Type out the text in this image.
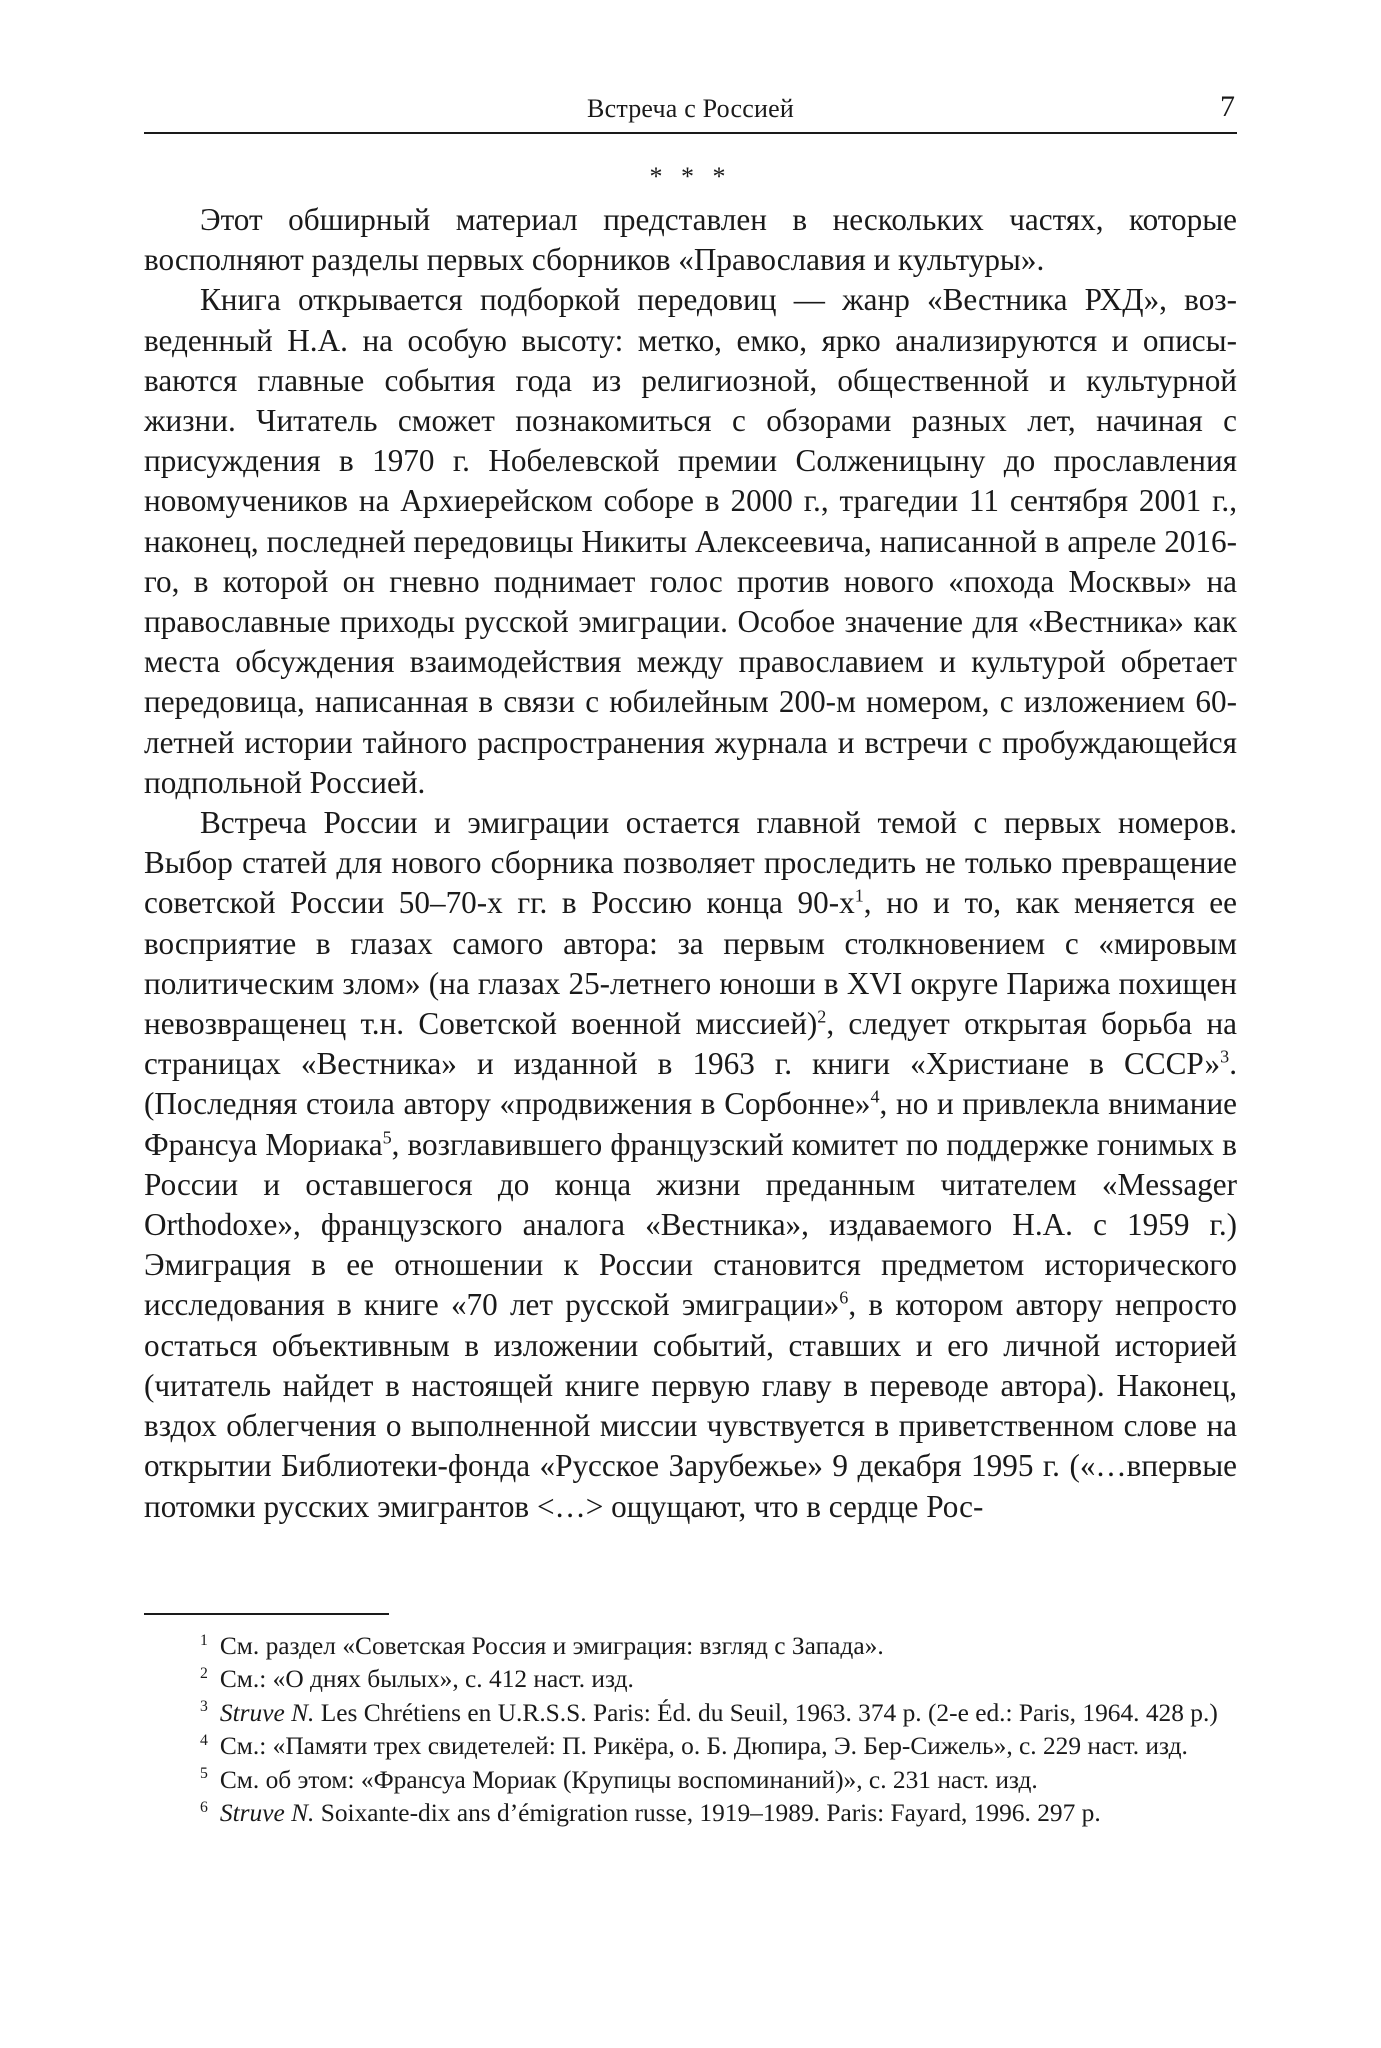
Встреча с Россией	7
* * *

Этот обширный материал представлен в нескольких частях, которые восполняют разделы первых сборников «Православия и культуры».

Книга открывается подборкой передовиц — жанр «Вестника РХД», возведенный Н.А. на особую высоту: метко, емко, ярко анализируются и описываются главные события года из религиозной, общественной и культурной жизни. Читатель сможет познакомиться с обзорами разных лет, начиная с присуждения в 1970 г. Нобелевской премии Солженицыну до прославления новомучеников на Архиерейском соборе в 2000 г., трагедии 11 сентября 2001 г., наконец, последней передовицы Никиты Алексеевича, написанной в апреле 2016-го, в которой он гневно поднимает голос против нового «похода Москвы» на православные приходы русской эмиграции. Особое значение для «Вестника» как места обсуждения взаимодействия между православием и культурой обретает передовица, написанная в связи с юбилейным 200-м номером, с изложением 60-летней истории тайного распространения журнала и встречи с пробуждающейся подпольной Россией.

Встреча России и эмиграции остается главной темой с первых номеров. Выбор статей для нового сборника позволяет проследить не только превращение советской России 50–70-х гг. в Россию конца $90-х^1$, но и то, как меняется ее восприятие в глазах самого автора: за первым столкновением с «мировым политическим злом» (на глазах 25-летнего юноши в XVI округе Парижа похищен невозвращенец т.н. Советской военной миссией)$^2$, следует открытая борьба на страницах «Вестника» и изданной в 1963 г. книги «Христиане в СССР»$^3$. (Последняя стоила автору «продвижения в Сорбонне»$^4$, но и привлекла внимание Франсуа Мориака$^5$, возглавившего французский комитет по поддержке гонимых в России и оставшегося до конца жизни преданным читателем «Messager Orthodoxe», французского аналога «Вестника», издаваемого Н.А. с 1959 г.) Эмиграция в ее отношении к России становится предметом исторического исследования в книге «70 лет русской эмиграции»$^6$, в котором автору непросто остаться объективным в изложении событий, ставших и его личной историей (читатель найдет в настоящей книге первую главу в переводе автора). Наконец, вздох облегчения о выполненной миссии чувствуется в приветственном слове на открытии Библиотеки-фонда «Русское Зарубежье» 9 декабря 1995 г. («…впервые потомки русских эмигрантов <…> ощущают, что в сердце Рос-

$^1$ См. раздел «Советская Россия и эмиграция: взгляд с Запада».

$^2$ См.: «О днях былых», с. 412 наст. изд.

$^3$ Struve N. Les Chrétiens en U.R.S.S. Paris: Éd. du Seuil, 1963. 374 p. (2-e ed.: Paris, 1964. 428 p.)

$^4$ См.: «Памяти трех свидетелей: П. Рикёра, о. Б. Дюпира, Э. Бер-Сижель», с. 229 наст. изд.

$^5$ См. об этом: «Франсуа Мориак (Крупицы воспоминаний)», с. 231 наст. изд.

$^6$ Struve N. Soixante-dix ans d’émigration russe, 1919–1989. Paris: Fayard, 1996. 297 p.
